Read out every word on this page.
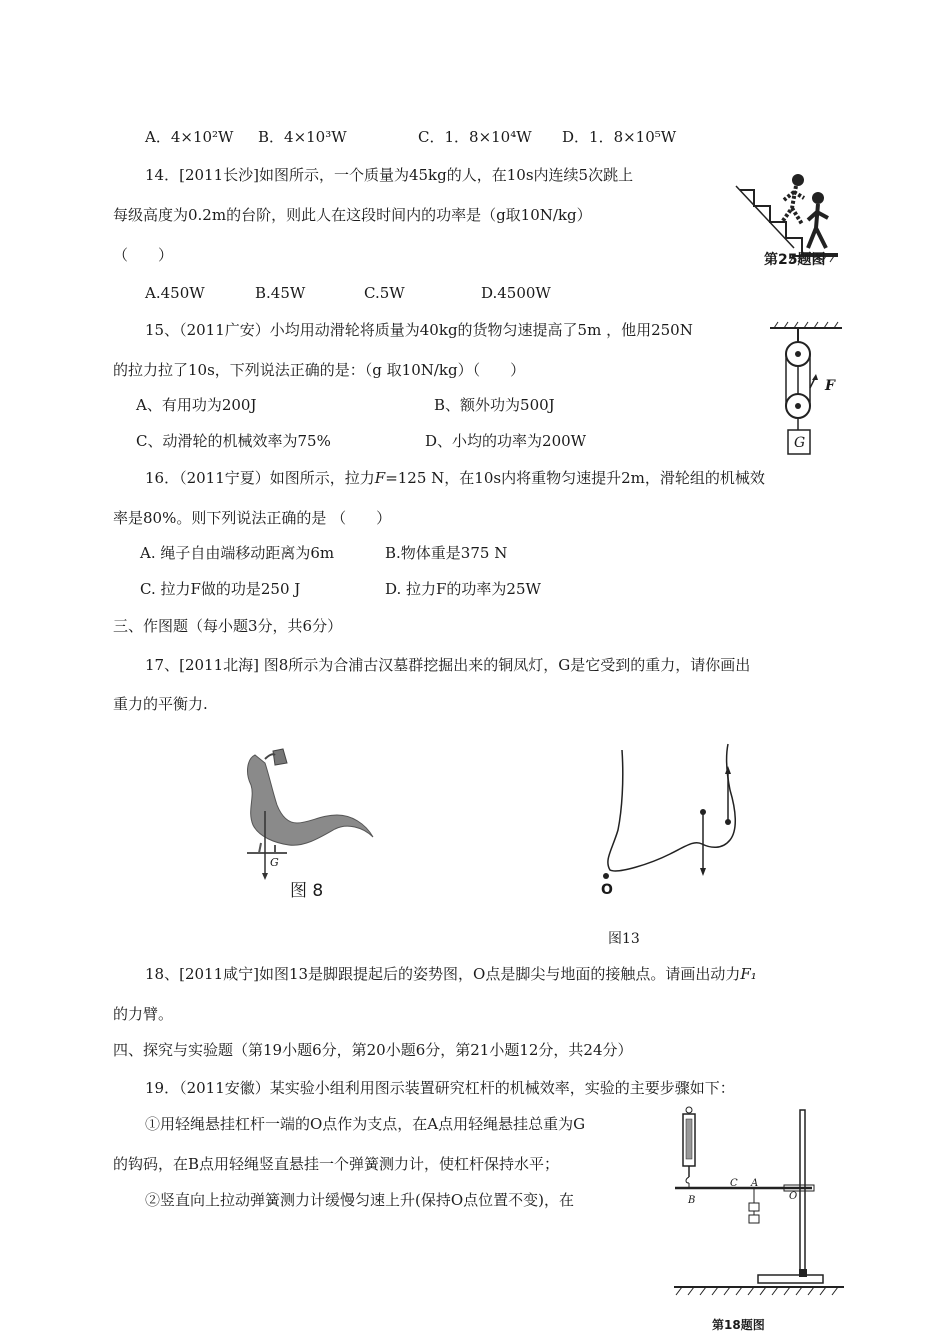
A．4×10²W B．4×10³W	C．1．8×10⁴W D．1．8×10⁵W
14．[2011长沙]如图所示，一个质量为45kg的人，在10s内连续5次跳上
每级高度为0.2m的台阶，则此人在这段时间内的功率是（g取10N/kg）
（　　）
A.450W	B.45W	C.5W	D.4500W
第25题图
15、（2011广安）小均用动滑轮将质量为40kg的货物匀速提高了5m ，他用250N
的拉力拉了10s，下列说法正确的是：（g 取10N/kg）（　　）
A、有用功为200J	B、额外功为500J
C、动滑轮的机械效率为75%	D、小均的功率为200W
F
G
16．（2011宁夏）如图所示，拉力F=125 N，在10s内将重物匀速提升2m，滑轮组的机械效
率是80%。则下列说法正确的是 （　　）
A. 绳子自由端移动距离为6m	B.物体重是375 N
C. 拉力F做的功是250 J	D. 拉力F的功率为25W
三、作图题（每小题3分，共6分）
17、[2011北海] 图8所示为合浦古汉墓群挖掘出来的铜凤灯，G是它受到的重力，请你画出
重力的平衡力.
G
图 8	O
图13
18、[2011咸宁]如图13是脚跟提起后的姿势图，O点是脚尖与地面的接触点。请画出动力F₁
的力臂。
四、探究与实验题（第19小题6分，第20小题6分，第21小题12分，共24分）
19．（2011安徽）某实验小组利用图示装置研究杠杆的机械效率，实验的主要步骤如下：
①用轻绳悬挂杠杆一端的O点作为支点，在A点用轻绳悬挂总重为G
的钩码，在B点用轻绳竖直悬挂一个弹簧测力计，使杠杆保持水平；
②竖直向上拉动弹簧测力计缓慢匀速上升(保持O点位置不变)，在	B
C A
O
第18题图
